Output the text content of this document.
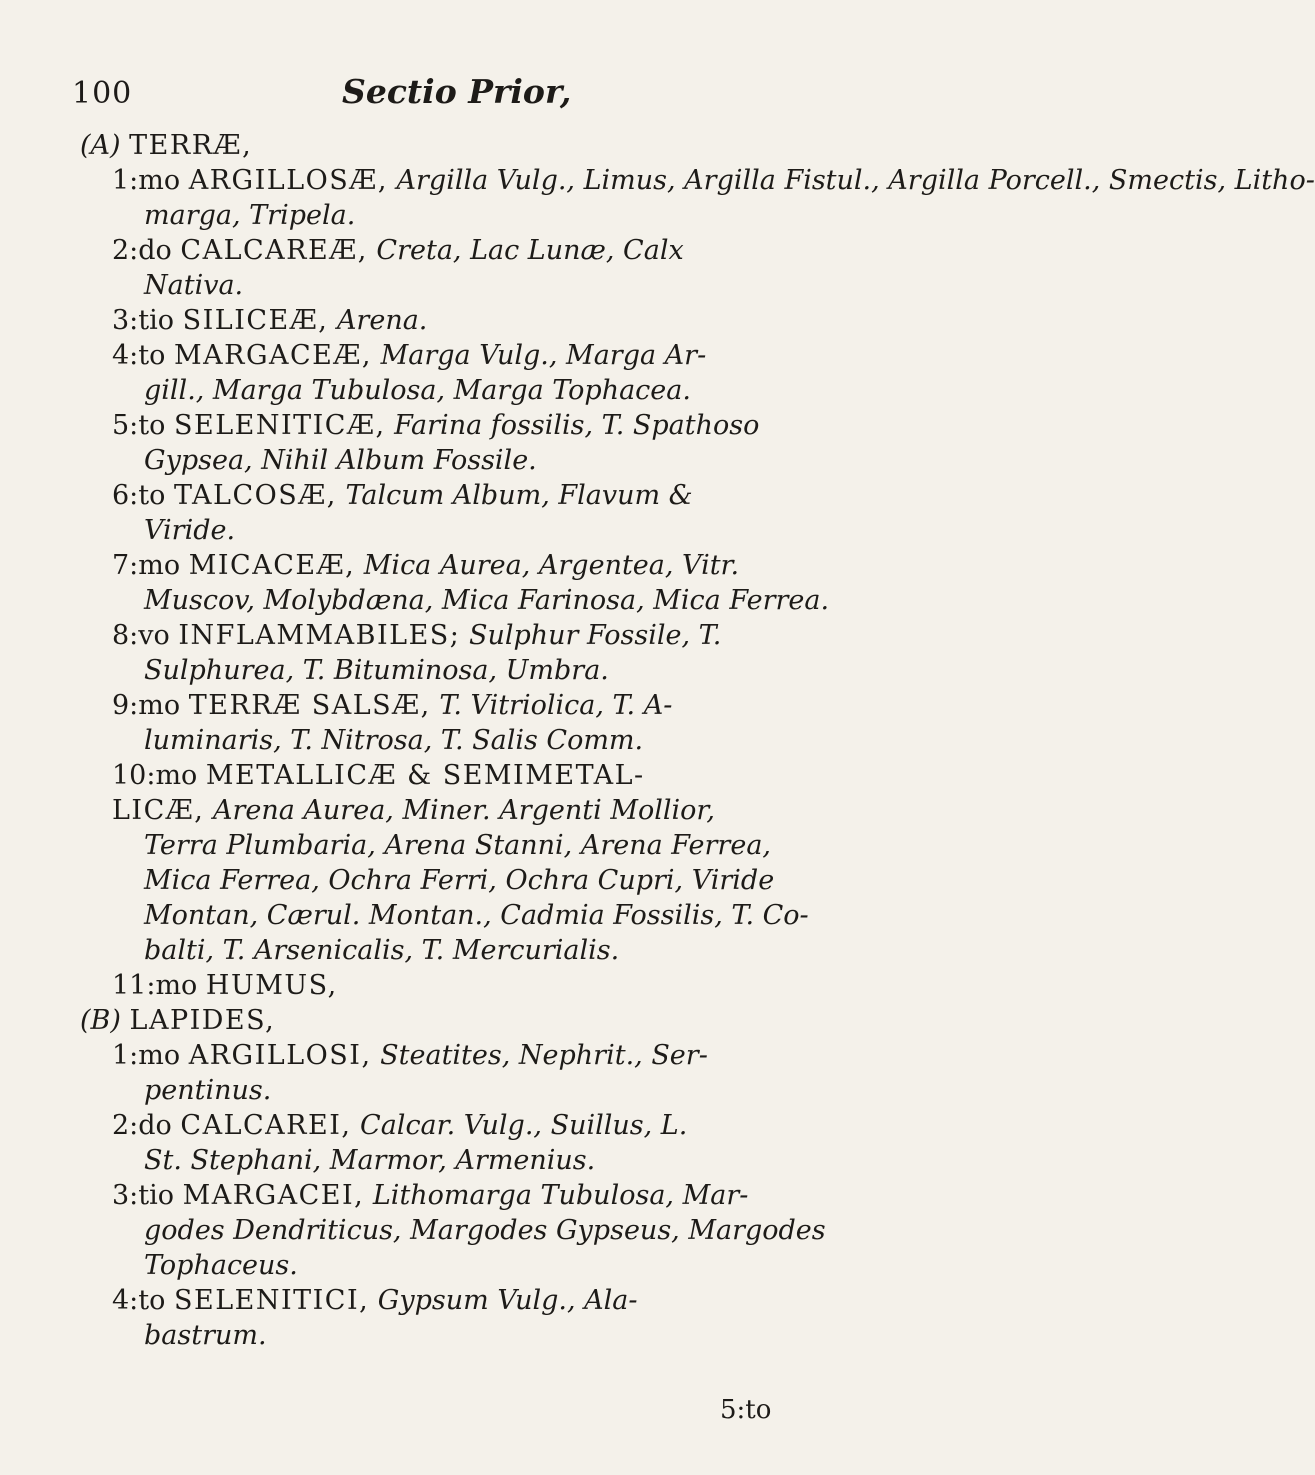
100	Sectio Prior,
(A) TERRÆ,
1:mo ARGILLOSÆ, Argilla Vulg., Limus, Argilla Fistul., Argilla Porcell., Smectis, Litho-
marga, Tripela.
2:do CALCAREÆ, Creta, Lac Lunæ, Calx
Nativa.
3:tio SILICEÆ, Arena.
4:to MARGACEÆ, Marga Vulg., Marga Ar-
gill., Marga Tubulosa, Marga Tophacea.
5:to SELENITICÆ, Farina fossilis, T. Spathoso
Gypsea, Nihil Album Fossile.
6:to TALCOSÆ, Talcum Album, Flavum &
Viride.
7:mo MICACEÆ, Mica Aurea, Argentea, Vitr.
Muscov, Molybdæna, Mica Farinosa, Mica Ferrea.
8:vo INFLAMMABILES; Sulphur Fossile, T.
Sulphurea, T. Bituminosa, Umbra.
9:mo TERRÆ SALSÆ, T. Vitriolica, T. A-
luminaris, T. Nitrosa, T. Salis Comm.
10:mo METALLICÆ & SEMIMETAL-
LICÆ, Arena Aurea, Miner. Argenti Mollior,
Terra Plumbaria, Arena Stanni, Arena Ferrea,
Mica Ferrea, Ochra Ferri, Ochra Cupri, Viride
Montan, Cærul. Montan., Cadmia Fossilis, T. Co-
balti, T. Arsenicalis, T. Mercurialis.
11:mo HUMUS,
(B) LAPIDES,
1:mo ARGILLOSI, Steatites, Nephrit., Ser-
pentinus.
2:do CALCAREI, Calcar. Vulg., Suillus, L.
St. Stephani, Marmor, Armenius.
3:tio MARGACEI, Lithomarga Tubulosa, Mar-
godes Dendriticus, Margodes Gypseus, Margodes
Tophaceus.
4:to SELENITICI, Gypsum Vulg., Ala-
bastrum.
5:to
